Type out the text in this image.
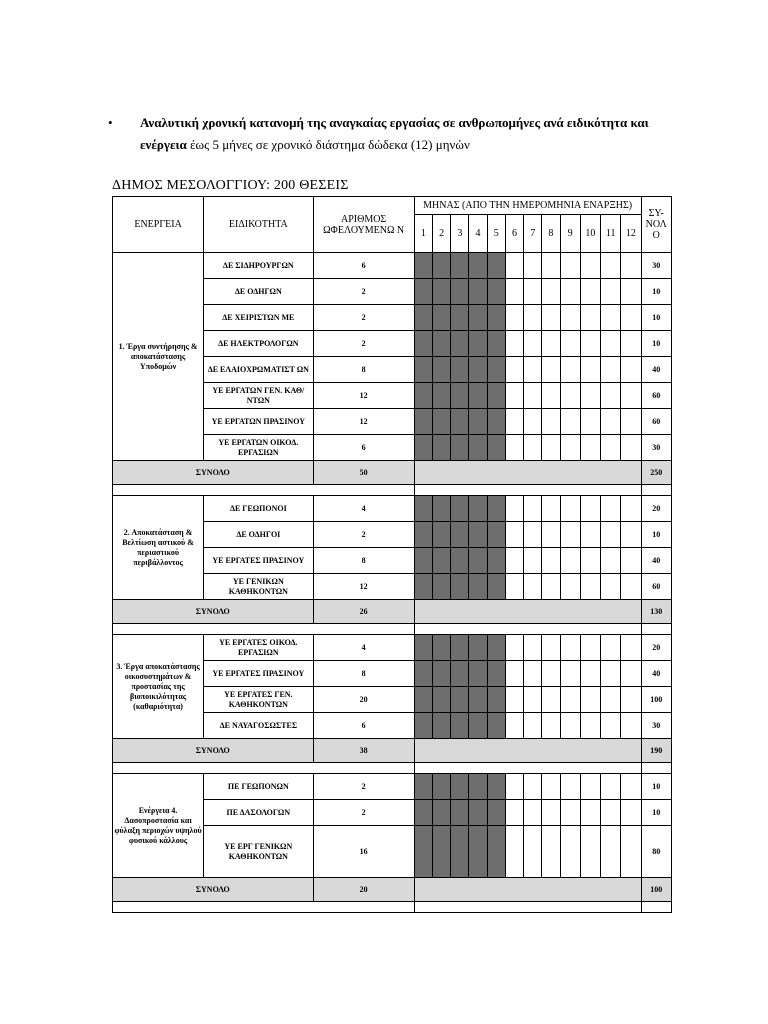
•	Αναλυτική χρονική κατανομή της αναγκαίας εργασίας σε ανθρωπομήνες ανά ειδικότητα και ενέργεια έως 5 μήνες σε χρονικό διάστημα δώδεκα (12) μηνών
ΔΗΜΟΣ ΜΕΣΟΛΟΓΓΙΟΥ: 200 ΘΕΣΕΙΣ
ΕΝΕΡΓΕΙΑ	ΕΙΔΙΚΟΤΗΤΑ	ΑΡΙΘΜΟΣ ΩΦΕΛΟΥΜΕΝΩ Ν	ΜΗΝΑΣ (ΑΠΟ ΤΗΝ ΗΜΕΡΟΜΗΝΙΑ ΕΝΑΡΞΗΣ)												ΣΥ-ΝΟΛ Ο
			1	2	3	4	5	6	7	8	9	10	11	12	
1. Έργα συντήρησης & αποκατάστασης Υποδομών	ΔΕ ΣΙΔΗΡΟΥΡΓΩΝ	6													30
	ΔΕ ΟΔΗΓΩΝ	2													10
	ΔΕ ΧΕΙΡΙΣΤΩΝ ΜΕ	2													10
	ΔΕ ΗΛΕΚΤΡΟΛΟΓΩΝ	2													10
	ΔΕ ΕΛΑΙΟΧΡΩΜΑΤΙΣΤ ΩΝ	8													40
	ΥΕ ΕΡΓΑΤΩΝ ΓΕΝ. ΚΑΘ/ΝΤΩΝ	12													60
	ΥΕ ΕΡΓΑΤΩΝ ΠΡΑΣΙΝΟΥ	12													60
	ΥΕ ΕΡΓΑΤΩΝ ΟΙΚΟΔ. ΕΡΓΑΣΙΩΝ	6													30
ΣΥΝΟΛΟ		50													250

2. Αποκατάσταση & Βελτίωση αστικού & περιαστικού περιβάλλοντος	ΔΕ ΓΕΩΠΟΝΟΙ	4													20
	ΔΕ ΟΔΗΓΟΙ	2													10
	ΥΕ ΕΡΓΑΤΕΣ ΠΡΑΣΙΝΟΥ	8													40
	ΥΕ ΓΕΝΙΚΩΝ ΚΑΘΗΚΟΝΤΩΝ	12													60
ΣΥΝΟΛΟ		26													130

3. Έργα αποκατάστασης οικοσυστημάτων & προστασίας της βιοποικιλότητας (καθαριότητα)	ΥΕ ΕΡΓΑΤΕΣ ΟΙΚΟΔ. ΕΡΓΑΣΙΩΝ	4													20
	ΥΕ ΕΡΓΑΤΕΣ ΠΡΑΣΙΝΟΥ	8													40
	ΥΕ ΕΡΓΑΤΕΣ ΓΕΝ. ΚΑΘΗΚΟΝΤΩΝ	20													100
	ΔΕ ΝΑΥΑΓΟΣΩΣΤΕΣ	6													30
ΣΥΝΟΛΟ		38													190

Ενέργεια 4. Δασοπροστασία και φύλαξη περιοχών υψηλού φυσικού κάλλους	ΠΕ ΓΕΩΠΟΝΩΝ	2													10
	ΠΕ ΔΑΣΟΛΟΓΩΝ	2													10
	ΥΕ ΕΡΓ ΓΕΝΙΚΩΝ ΚΑΘΗΚΟΝΤΩΝ	16													80
ΣΥΝΟΛΟ		20													100
